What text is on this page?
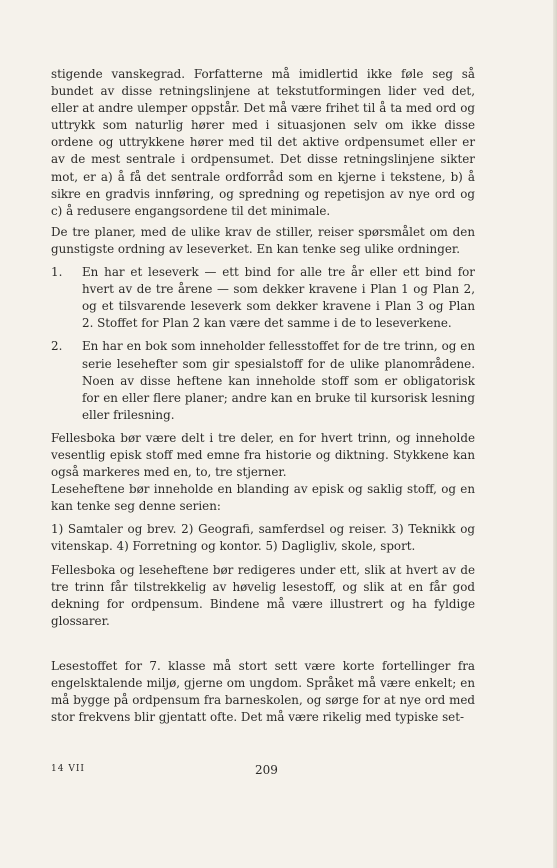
stigende vanskegrad. Forfatterne må imidlertid ikke føle seg så bundet av disse retningslinjene at tekstutformingen lider ved det, eller at andre ulemper oppstår. Det må være frihet til å ta med ord og uttrykk som naturlig hører med i situasjonen selv om ikke disse ordene og uttrykkene hører med til det aktive ordpensumet eller er av de mest sentrale i ordpensumet. Det disse retningslinjene sikter mot, er a) å få det sentrale ordforråd som en kjerne i tekstene, b) å sikre en gradvis innføring, og spredning og repetisjon av nye ord og c) å redusere engangsordene til det minimale.

De tre planer, med de ulike krav de stiller, reiser spørsmålet om den gunstigste ordning av leseverket. En kan tenke seg ulike ordninger.

1. En har et leseverk — ett bind for alle tre år eller ett bind for hvert av de tre årene — som dekker kravene i Plan 1 og Plan 2, og et tilsvarende leseverk som dekker kravene i Plan 3 og Plan 2. Stoffet for Plan 2 kan være det samme i de to leseverkene.
2. En har en bok som inneholder fellesstoffet for de tre trinn, og en serie lesehefter som gir spesialstoff for de ulike planområdene. Noen av disse heftene kan inneholde stoff som er obligatorisk for en eller flere planer; andre kan en bruke til kursorisk lesning eller frilesning.

Fellesboka bør være delt i tre deler, en for hvert trinn, og inneholde vesentlig episk stoff med emne fra historie og diktning. Stykkene kan også markeres med en, to, tre stjerner.

Leseheftene bør inneholde en blanding av episk og saklig stoff, og en kan tenke seg denne serien:

1) Samtaler og brev. 2) Geografi, samferdsel og reiser. 3) Teknikk og vitenskap. 4) Forretning og kontor. 5) Dagligliv, skole, sport.

Fellesboka og leseheftene bør redigeres under ett, slik at hvert av de tre trinn får tilstrekkelig av høvelig lesestoff, og slik at en får god dekning for ordpensum. Bindene må være illustrert og ha fyldige glossarer.

Lesestoffet for 7. klasse må stort sett være korte fortellinger fra engelsktalende miljø, gjerne om ungdom. Språket må være enkelt; en må bygge på ordpensum fra barneskolen, og sørge for at nye ord med stor frekvens blir gjentatt ofte. Det må være rikelig med typiske set-

14 VII	209
